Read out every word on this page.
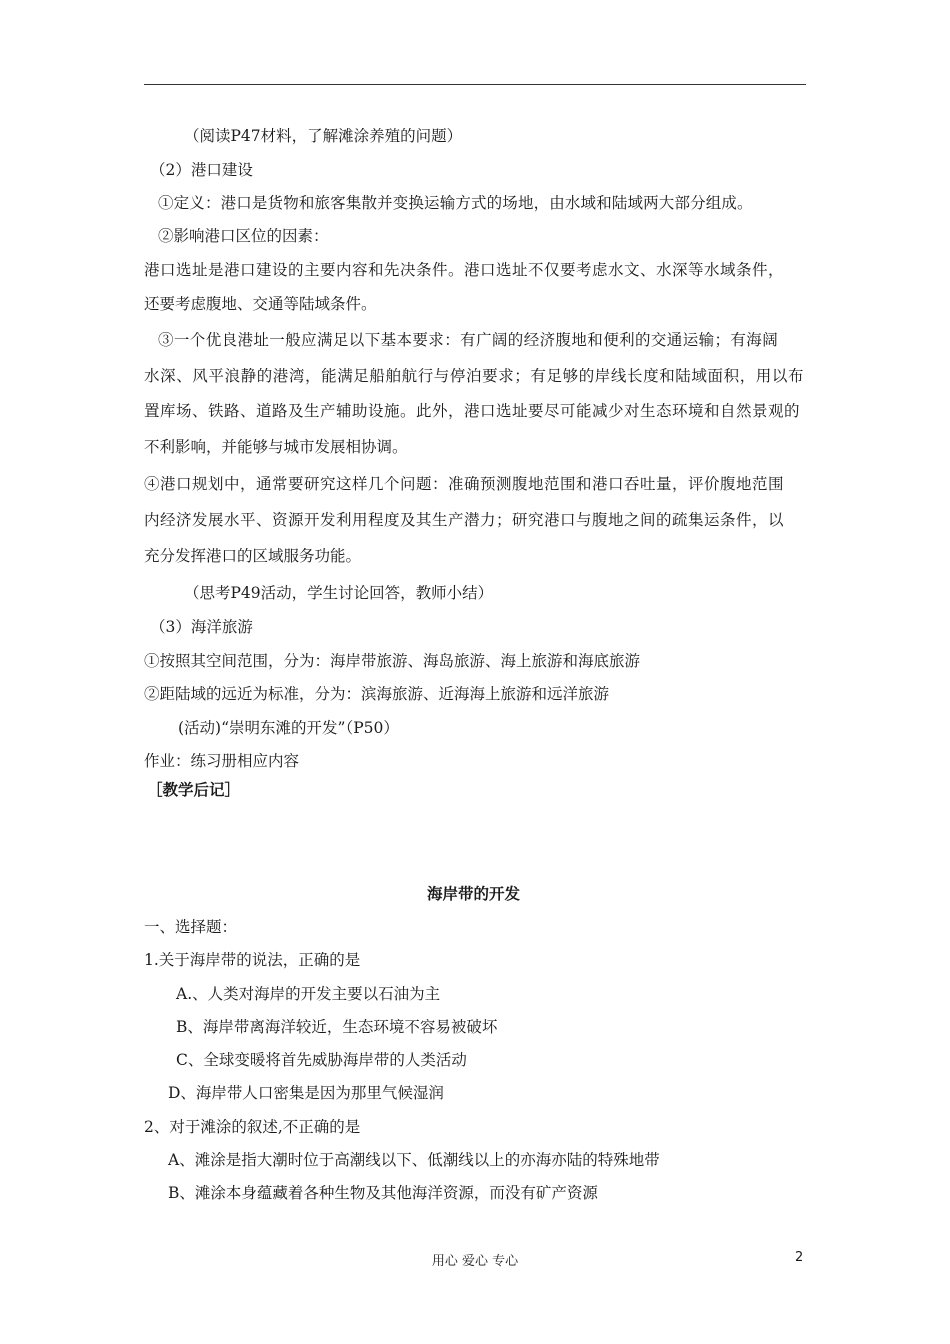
（阅读P47材料，了解滩涂养殖的问题）
（2）港口建设
①定义：港口是货物和旅客集散并变换运输方式的场地，由水域和陆域两大部分组成。
②影响港口区位的因素：
港口选址是港口建设的主要内容和先决条件。港口选址不仅要考虑水文、水深等水域条件，
还要考虑腹地、交通等陆域条件。
③一个优良港址一般应满足以下基本要求：有广阔的经济腹地和便利的交通运输；有海阔
水深、风平浪静的港湾，能满足船舶航行与停泊要求；有足够的岸线长度和陆域面积，用以布
置库场、铁路、道路及生产辅助设施。此外，港口选址要尽可能减少对生态环境和自然景观的
不利影响，并能够与城市发展相协调。
④港口规划中，通常要研究这样几个问题：准确预测腹地范围和港口吞吐量，评价腹地范围
内经济发展水平、资源开发利用程度及其生产潜力；研究港口与腹地之间的疏集运条件，以
充分发挥港口的区域服务功能。
（思考P49活动，学生讨论回答，教师小结）
（3）海洋旅游
①按照其空间范围，分为：海岸带旅游、海岛旅游、海上旅游和海底旅游
②距陆域的远近为标准，分为：滨海旅游、近海海上旅游和远洋旅游
(活动)“崇明东滩的开发”（P50）
作业：练习册相应内容
［教学后记］
海岸带的开发
一、选择题：
1.关于海岸带的说法，正确的是
A.、人类对海岸的开发主要以石油为主
B、海岸带离海洋较近，生态环境不容易被破坏
C、全球变暖将首先威胁海岸带的人类活动
D、海岸带人口密集是因为那里气候湿润
2、对于滩涂的叙述,不正确的是
A、滩涂是指大潮时位于高潮线以下、低潮线以上的亦海亦陆的特殊地带
B、滩涂本身蕴藏着各种生物及其他海洋资源，而没有矿产资源
用心 爱心 专心	2
